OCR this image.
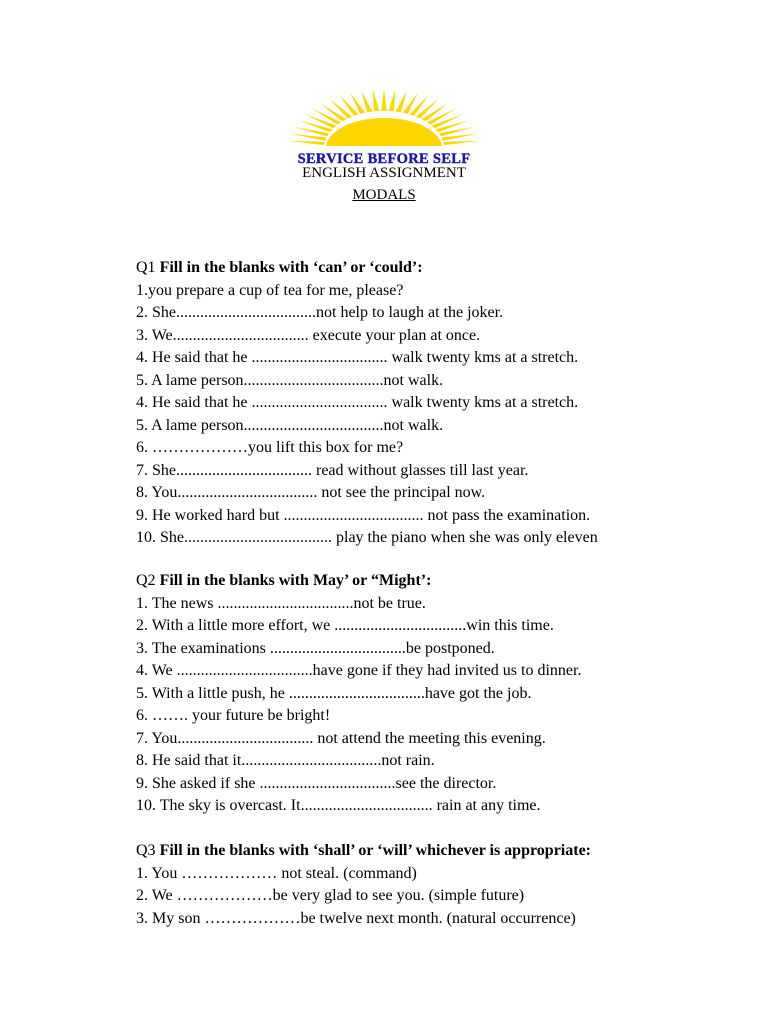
SERVICE BEFORE SELF
ENGLISH ASSIGNMENT
MODALS
Q1 Fill in the blanks with ‘can’ or ‘could’:
1.you prepare a cup of tea for me, please?
2. She...................................not help to laugh at the joker.
3. We.................................. execute your plan at once.
4. He said that he .................................. walk twenty kms at a stretch.
5. A lame person...................................not walk.
4. He said that he .................................. walk twenty kms at a stretch.
5. A lame person...................................not walk.
6. ………………you lift this box for me?
7. She.................................. read without glasses till last year.
8. You................................... not see the principal now.
9. He worked hard but ................................... not pass the examination.
10. She..................................... play the piano when she was only eleven
Q2 Fill in the blanks with May’ or “Might’:
1. The news ..................................not be true.
2. With a little more effort, we .................................win this time.
3. The examinations ..................................be postponed.
4. We ..................................have gone if they had invited us to dinner.
5. With a little push, he ..................................have got the job.
6. ……. your future be bright!
7. You.................................. not attend the meeting this evening.
8. He said that it...................................not rain.
9. She asked if she ..................................see the director.
10. The sky is overcast. It................................. rain at any time.
Q3 Fill in the blanks with ‘shall’ or ‘will’ whichever is appropriate:
1. You ……………… not steal. (command)
2. We ………………be very glad to see you. (simple future)
3. My son ………………be twelve next month. (natural occurrence)
